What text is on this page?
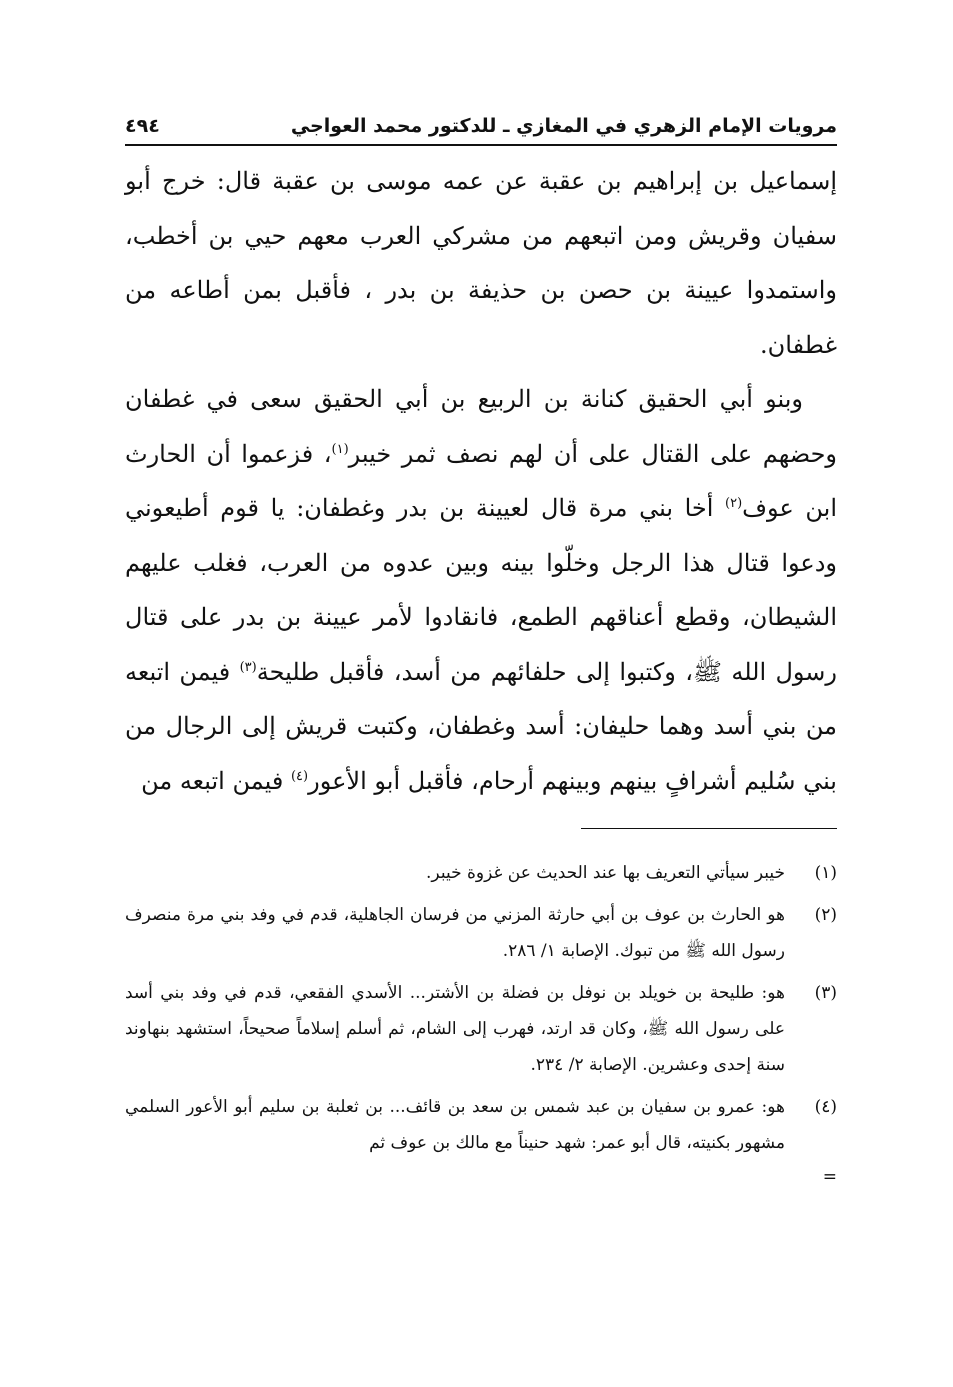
مرويات الإمام الزهري في المغازي ـ للدكتور محمد العواجي
٤٩٤

إسماعيل بن إبراهيم بن عقبة عن عمه موسى بن عقبة قال: خرج أبو سفيان وقريش ومن اتبعهم من مشركي العرب معهم حيي بن أخطب، واستمدوا عيينة بن حصن بن حذيفة بن بدر ، فأقبل بمن أطاعه من غطفان.

وبنو أبي الحقيق كنانة بن الربيع بن أبي الحقيق سعى في غطفان وحضهم على القتال على أن لهم نصف ثمر خيبر$^{(١)}$، فزعموا أن الحارث ابن عوف$^{(٢)}$ أخا بني مرة قال لعيينة بن بدر وغطفان: يا قوم أطيعوني ودعوا قتال هذا الرجل وخلّوا بينه وبين عدوه من العرب، فغلب عليهم الشيطان، وقطع أعناقهم الطمع، فانقادوا لأمر عيينة بن بدر على قتال رسول الله ﷺ، وكتبوا إلى حلفائهم من أسد، فأقبل طليحة$^{(٣)}$ فيمن اتبعه من بني أسد وهما حليفان: أسد وغطفان، وكتبت قريش إلى الرجال من بني سُليم أشرافٍ بينهم وبينهم أرحام، فأقبل أبو الأعور$^{(٤)}$ فيمن اتبعه من

(١)
خيبر سيأتي التعريف بها عند الحديث عن غزوة خيبر.
(٢)
هو الحارث بن عوف بن أبي حارثة المزني من فرسان الجاهلية، قدم في وفد بني مرة منصرف رسول الله ﷺ من تبوك. الإصابة ١/ ٢٨٦.
(٣)
هو: طليحة بن خويلد بن نوفل بن فضلة بن الأشتر... الأسدي الفقعي، قدم في وفد بني أسد على رسول الله ﷺ، وكان قد ارتد، فهرب إلى الشام، ثم أسلم إسلاماً صحيحاً، استشهد بنهاوند سنة إحدى وعشرين. الإصابة ٢/ ٢٣٤.
(٤)
هو: عمرو بن سفيان بن عبد شمس بن سعد بن قائف... بن ثعلبة بن سليم أبو الأعور السلمي مشهور بكنيته، قال أبو عمر: شهد حنيناً مع مالك بن عوف ثم
=
